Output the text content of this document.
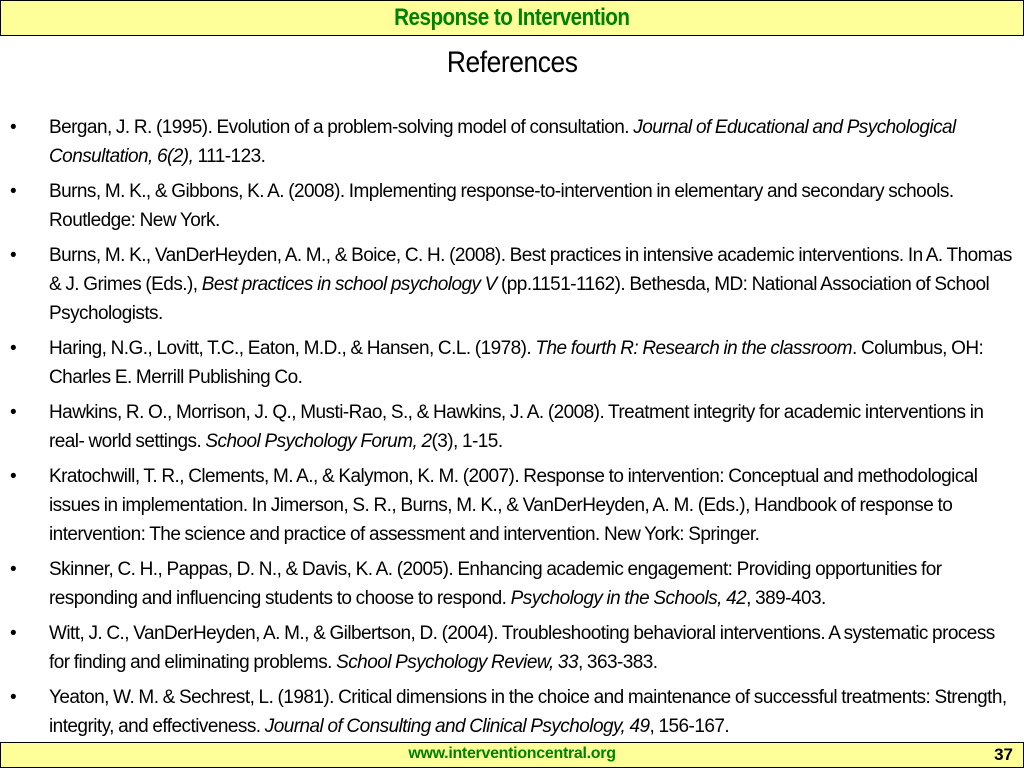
Response to Intervention
References
• Bergan, J. R. (1995). Evolution of a problem-solving model of consultation. Journal of Educational and Psychological Consultation, 6(2), 111-123.
• Burns, M. K., & Gibbons, K. A. (2008). Implementing response-to-intervention in elementary and secondary schools. Routledge: New York.
• Burns, M. K., VanDerHeyden, A. M., & Boice, C. H. (2008). Best practices in intensive academic interventions. In A. Thomas & J. Grimes (Eds.), Best practices in school psychology V (pp.1151-1162). Bethesda, MD: National Association of School Psychologists.
• Haring, N.G., Lovitt, T.C., Eaton, M.D., & Hansen, C.L. (1978). The fourth R: Research in the classroom. Columbus, OH: Charles E. Merrill Publishing Co.
• Hawkins, R. O., Morrison, J. Q., Musti-Rao, S., & Hawkins, J. A. (2008). Treatment integrity for academic interventions in real- world settings. School Psychology Forum, 2(3), 1-15.
• Kratochwill, T. R., Clements, M. A., & Kalymon, K. M. (2007). Response to intervention: Conceptual and methodological issues in implementation. In Jimerson, S. R., Burns, M. K., & VanDerHeyden, A. M. (Eds.), Handbook of response to intervention: The science and practice of assessment and intervention. New York: Springer.
• Skinner, C. H., Pappas, D. N., & Davis, K. A. (2005). Enhancing academic engagement: Providing opportunities for responding and influencing students to choose to respond. Psychology in the Schools, 42, 389-403.
• Witt, J. C., VanDerHeyden, A. M., & Gilbertson, D. (2004). Troubleshooting behavioral interventions. A systematic process for finding and eliminating problems. School Psychology Review, 33, 363-383.
• Yeaton, W. M. & Sechrest, L. (1981). Critical dimensions in the choice and maintenance of successful treatments: Strength, integrity, and effectiveness. Journal of Consulting and Clinical Psychology, 49, 156-167.
www.interventioncentral.org	37
